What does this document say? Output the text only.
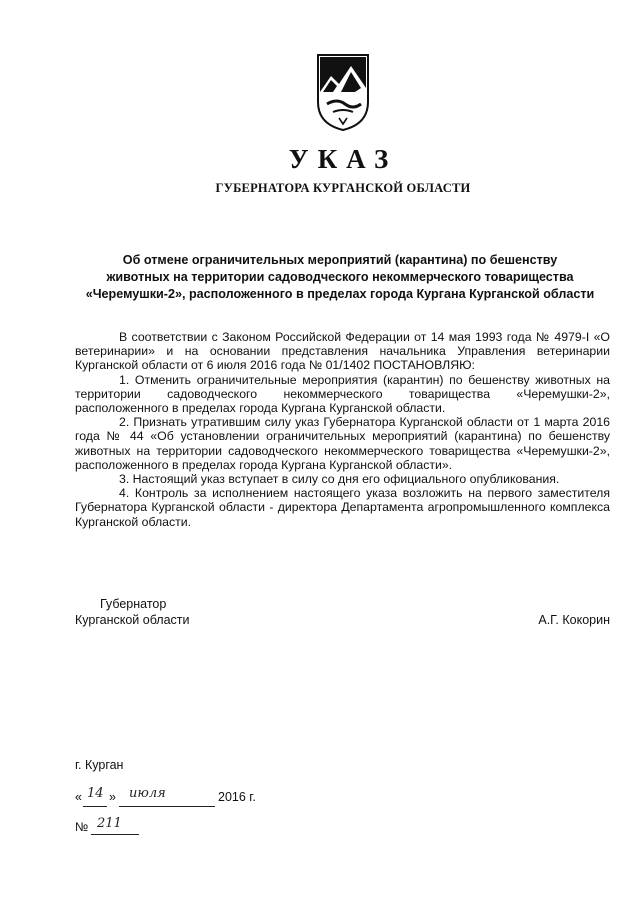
УКАЗ
ГУБЕРНАТОРА КУРГАНСКОЙ ОБЛАСТИ
Об отмене ограничительных мероприятий (карантина) по бешенству
животных на территории садоводческого некоммерческого товарищества
«Черемушки-2», расположенного в пределах города Кургана Курганской области

В соответствии с Законом Российской Федерации от 14 мая 1993 года № 4979-I «О ветеринарии» и на основании представления начальника Управления ветеринарии Курганской области от 6 июля 2016 года № 01/1402 ПОСТАНОВЛЯЮ:

1. Отменить ограничительные мероприятия (карантин) по бешенству животных на территории садоводческого некоммерческого товарищества «Черемушки-2», расположенного в пределах города Кургана Курганской области.

2. Признать утратившим силу указ Губернатора Курганской области от 1 марта 2016 года № 44 «Об установлении ограничительных мероприятий (карантина) по бешенству животных на территории садоводческого некоммерческого товарищества «Черемушки-2», расположенного в пределах города Кургана Курганской области».

3. Настоящий указ вступает в силу со дня его официального опубликования.

4. Контроль за исполнением настоящего указа возложить на первого заместителя Губернатора Курганской области - директора Департамента агропромышленного комплекса Курганской области.

Губернатор
Курганской области	А.Г. Кокорин
г. Курган
« 14 » июля	2016 г.
№ 211
